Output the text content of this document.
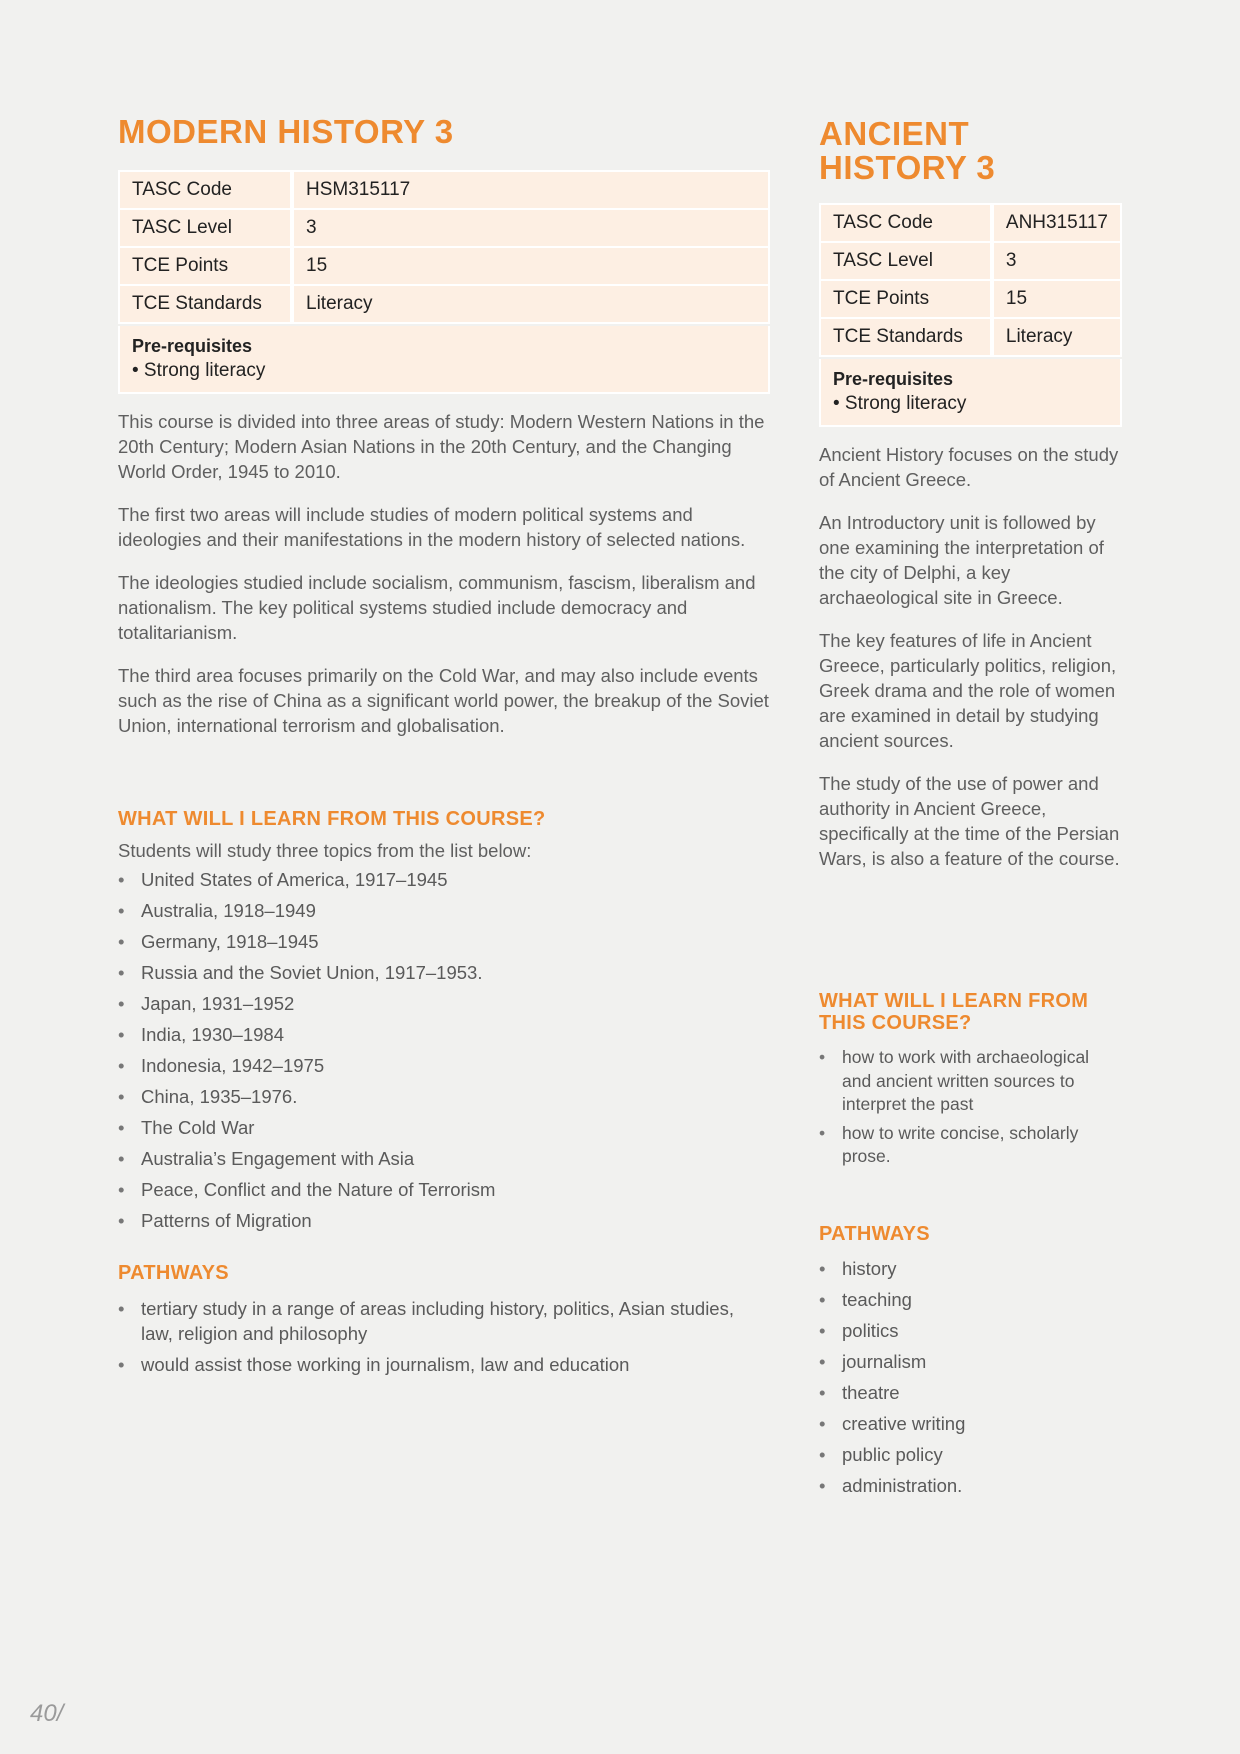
MODERN HISTORY 3
TASC Code	HSM315117
TASC Level	3
TCE Points	15
TCE Standards	Literacy
Pre-requisites
• Strong literacy

This course is divided into three areas of study: Modern Western Nations in the 20th Century; Modern Asian Nations in the 20th Century, and the Changing World Order, 1945 to 2010.

The first two areas will include studies of modern political systems and ideologies and their manifestations in the modern history of selected nations.

The ideologies studied include socialism, communism, fascism, liberalism and nationalism. The key political systems studied include democracy and totalitarianism.

The third area focuses primarily on the Cold War, and may also include events such as the rise of China as a significant world power, the breakup of the Soviet Union, international terrorism and globalisation.

WHAT WILL I LEARN FROM THIS COURSE?
Students will study three topics from the list below:
• United States of America, 1917–1945
• Australia, 1918–1949
• Germany, 1918–1945
• Russia and the Soviet Union, 1917–1953.
• Japan, 1931–1952
• India, 1930–1984
• Indonesia, 1942–1975
• China, 1935–1976.
• The Cold War
• Australia’s Engagement with Asia
• Peace, Conflict and the Nature of Terrorism
• Patterns of Migration
PATHWAYS
• tertiary study in a range of areas including history, politics, Asian studies, law, religion and philosophy
• would assist those working in journalism, law and education
ANCIENT
HISTORY 3
TASC Code	ANH315117
TASC Level	3
TCE Points	15
TCE Standards	Literacy
Pre-requisites
• Strong literacy

Ancient History focuses on the study of Ancient Greece.

An Introductory unit is followed by one examining the interpretation of the city of Delphi, a key archaeological site in Greece.

The key features of life in Ancient Greece, particularly politics, religion, Greek drama and the role of women are examined in detail by studying ancient sources.

The study of the use of power and authority in Ancient Greece, specifically at the time of the Persian Wars, is also a feature of the course.

WHAT WILL I LEARN FROM THIS COURSE?
• how to work with archaeological and ancient written sources to interpret the past
• how to write concise, scholarly prose.
PATHWAYS
• history
• teaching
• politics
• journalism
• theatre
• creative writing
• public policy
• administration.
40/
